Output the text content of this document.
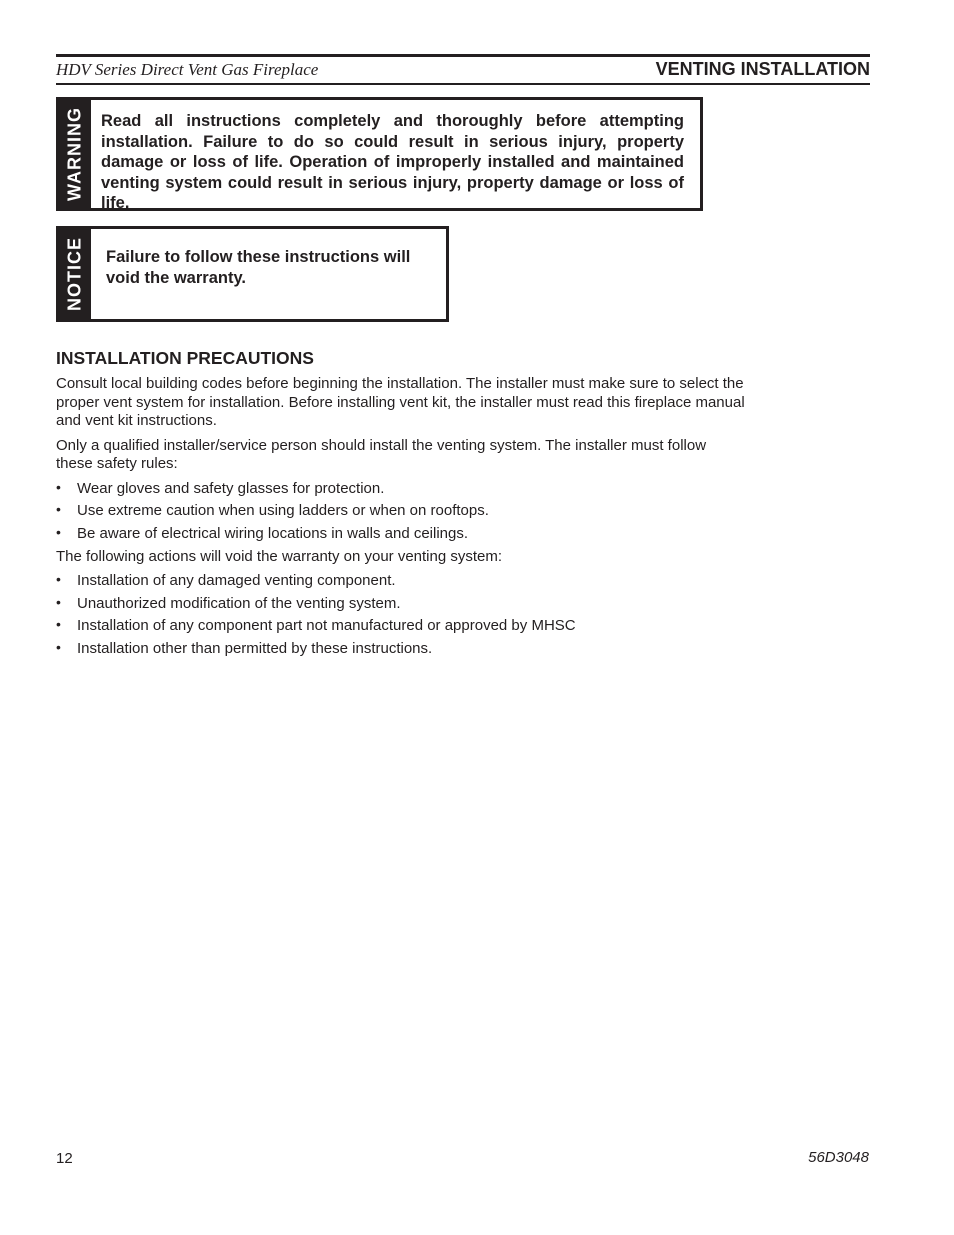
HDV Series Direct Vent Gas Fireplace	VENTING INSTALLATION
WARNING	Read all instructions completely and thoroughly before attempting installation. Failure to do so could result in serious injury, property damage or loss of life. Operation of improperly installed and maintained venting system could result in serious injury, property damage or loss of life.
NOTICE	Failure to follow these instructions will void the warranty.
INSTALLATION PRECAUTIONS

Consult local building codes before beginning the installation. The installer must make sure to select the proper vent system for installation. Before installing vent kit, the installer must read this fireplace manual and vent kit instructions.

Only a qualified installer/service person should install the venting system. The installer must follow these safety rules:

• Wear gloves and safety glasses for protection.
• Use extreme caution when using ladders or when on rooftops.
• Be aware of electrical wiring locations in walls and ceilings.

The following actions will void the warranty on your venting system:

• Installation of any damaged venting component.
• Unauthorized modification of the venting system.
• Installation of any component part not manufactured or approved by MHSC
• Installation other than permitted by these instructions.
12	56D3048
